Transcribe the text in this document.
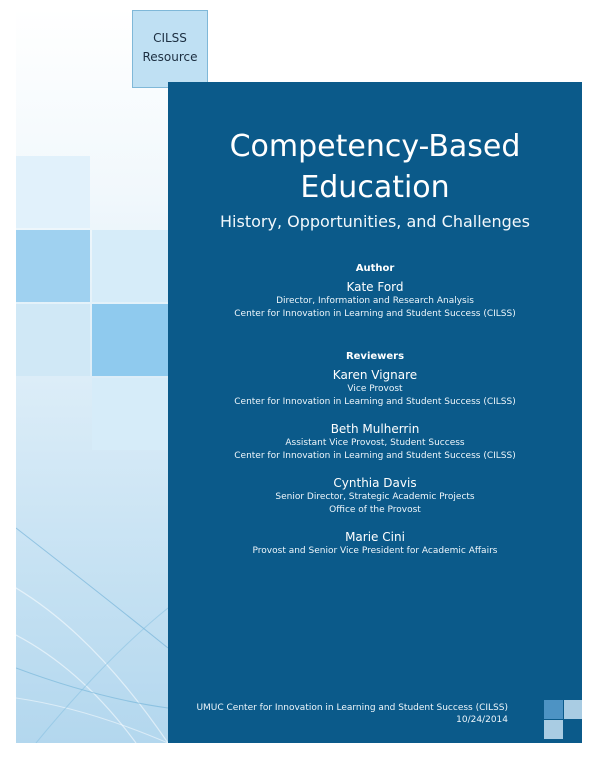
CILSS
Resource
Competency-Based Education
History, Opportunities, and Challenges
Author
Kate Ford
Director, Information and Research Analysis
Center for Innovation in Learning and Student Success (CILSS)
Reviewers
Karen Vignare
Vice Provost
Center for Innovation in Learning and Student Success (CILSS)
Beth Mulherrin
Assistant Vice Provost, Student Success
Center for Innovation in Learning and Student Success (CILSS)
Cynthia Davis
Senior Director, Strategic Academic Projects
Office of the Provost
Marie Cini
Provost and Senior Vice President for Academic Affairs
UMUC Center for Innovation in Learning and Student Success (CILSS)
10/24/2014
